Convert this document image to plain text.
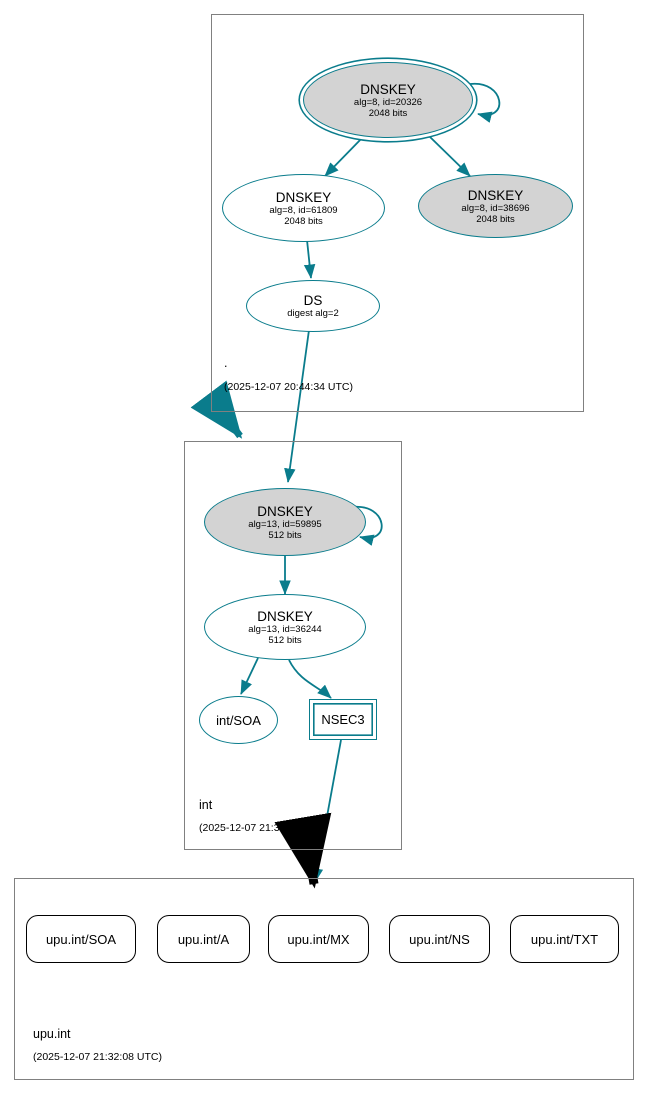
.
(2025-12-07 20:44:34 UTC)
DNSKEY
alg=8, id=20326
2048 bits
DNSKEY
alg=8, id=61809
2048 bits
DNSKEY
alg=8, id=38696
2048 bits
DS
digest alg=2
int
(2025-12-07 21:32:01 UTC)
DNSKEY
alg=13, id=59895
512 bits
DNSKEY
alg=13, id=36244
512 bits
int/SOA	NSEC3
upu.int
(2025-12-07 21:32:08 UTC)
upu.int/SOA	upu.int/A	upu.int/MX	upu.int/NS	upu.int/TXT
